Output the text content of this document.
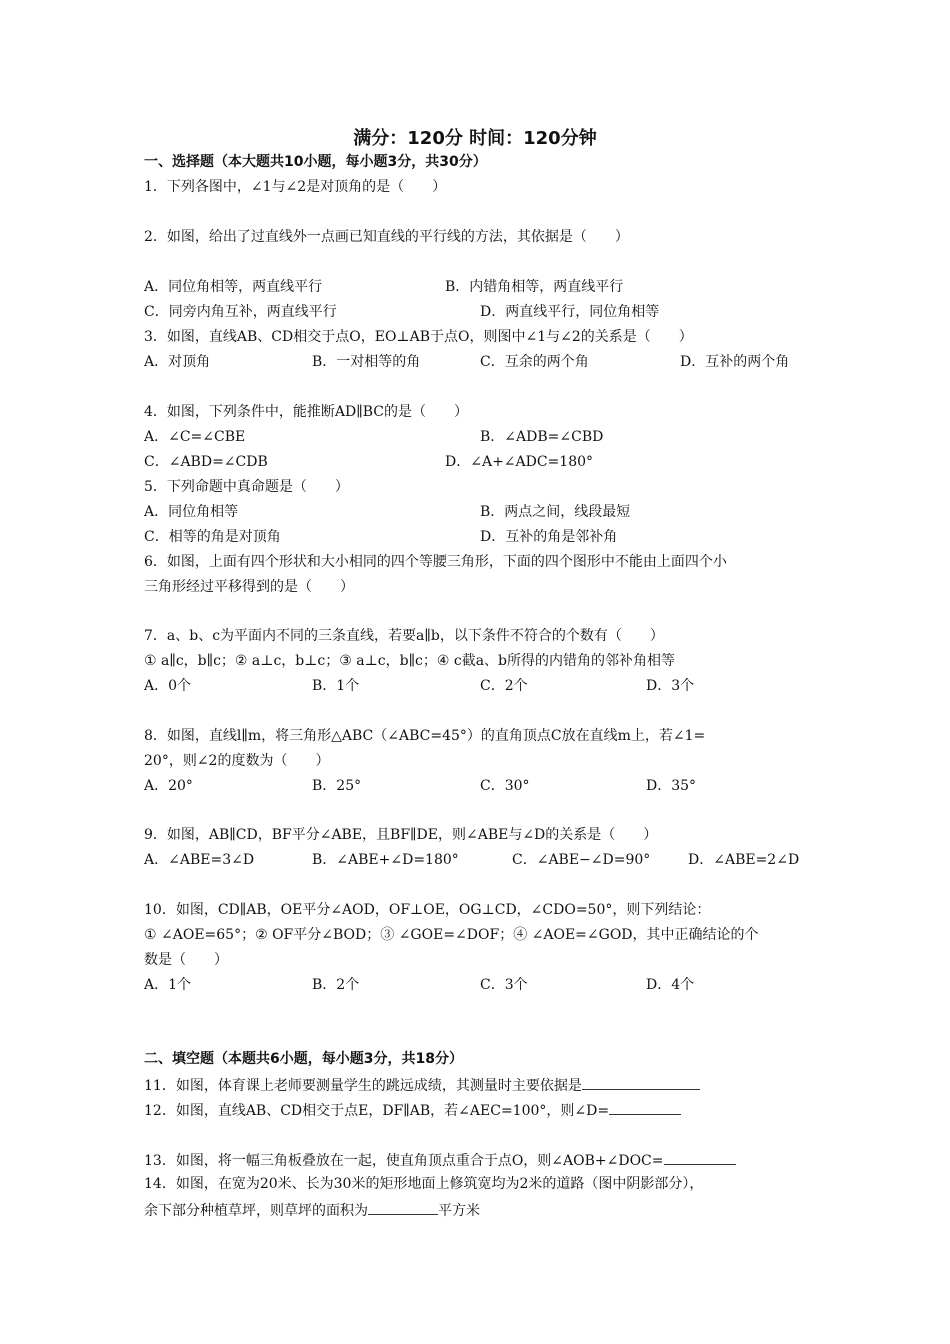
满分：120分 时间：120分钟
一、选择题（本大题共10小题，每小题3分，共30分）
1．下列各图中，∠1与∠2是对顶角的是（　　）
2．如图，给出了过直线外一点画已知直线的平行线的方法，其依据是（　　）
A．同位角相等，两直线平行	B．内错角相等，两直线平行
C．同旁内角互补，两直线平行	D．两直线平行，同位角相等
3．如图，直线AB、CD相交于点O，EO⊥AB于点O，则图中∠1与∠2的关系是（　　）
A．对顶角	B．一对相等的角	C．互余的两个角	D．互补的两个角
4．如图，下列条件中，能推断AD∥BC的是（　　）
A．∠C=∠CBE	B．∠ADB=∠CBD
C．∠ABD=∠CDB	D．∠A+∠ADC=180°
5．下列命题中真命题是（　　）
A．同位角相等	B．两点之间，线段最短
C．相等的角是对顶角	D．互补的角是邻补角
6．如图，上面有四个形状和大小相同的四个等腰三角形，下面的四个图形中不能由上面四个小
三角形经过平移得到的是（　　）
7．a、b、c为平面内不同的三条直线，若要a∥b，以下条件不符合的个数有（　　）
① a∥c，b∥c；② a⊥c，b⊥c；③ a⊥c，b∥c；④ c截a、b所得的内错角的邻补角相等
A．0个	B．1个	C．2个	D．3个
8．如图，直线l∥m，将三角形△ABC（∠ABC=45°）的直角顶点C放在直线m上，若∠1=
20°，则∠2的度数为（　　）
A．20°	B．25°	C．30°	D．35°
9．如图，AB∥CD，BF平分∠ABE，且BF∥DE，则∠ABE与∠D的关系是（　　）
A．∠ABE=3∠D	B．∠ABE+∠D=180°	C．∠ABE−∠D=90°	D．∠ABE=2∠D
10．如图，CD∥AB，OE平分∠AOD，OF⊥OE，OG⊥CD，∠CDO=50°，则下列结论：
① ∠AOE=65°；② OF平分∠BOD；③ ∠GOE=∠DOF；④ ∠AOE=∠GOD，其中正确结论的个
数是（　　）
A．1个	B．2个	C．3个	D．4个
二、填空题（本题共6小题，每小题3分，共18分）
11．如图，体育课上老师要测量学生的跳远成绩，其测量时主要依据是
12．如图，直线AB、CD相交于点E，DF∥AB，若∠AEC=100°，则∠D=
13．如图，将一幅三角板叠放在一起，使直角顶点重合于点O，则∠AOB+∠DOC=
14．如图，在宽为20米、长为30米的矩形地面上修筑宽均为2米的道路（图中阴影部分），
余下部分种植草坪，则草坪的面积为	平方米
